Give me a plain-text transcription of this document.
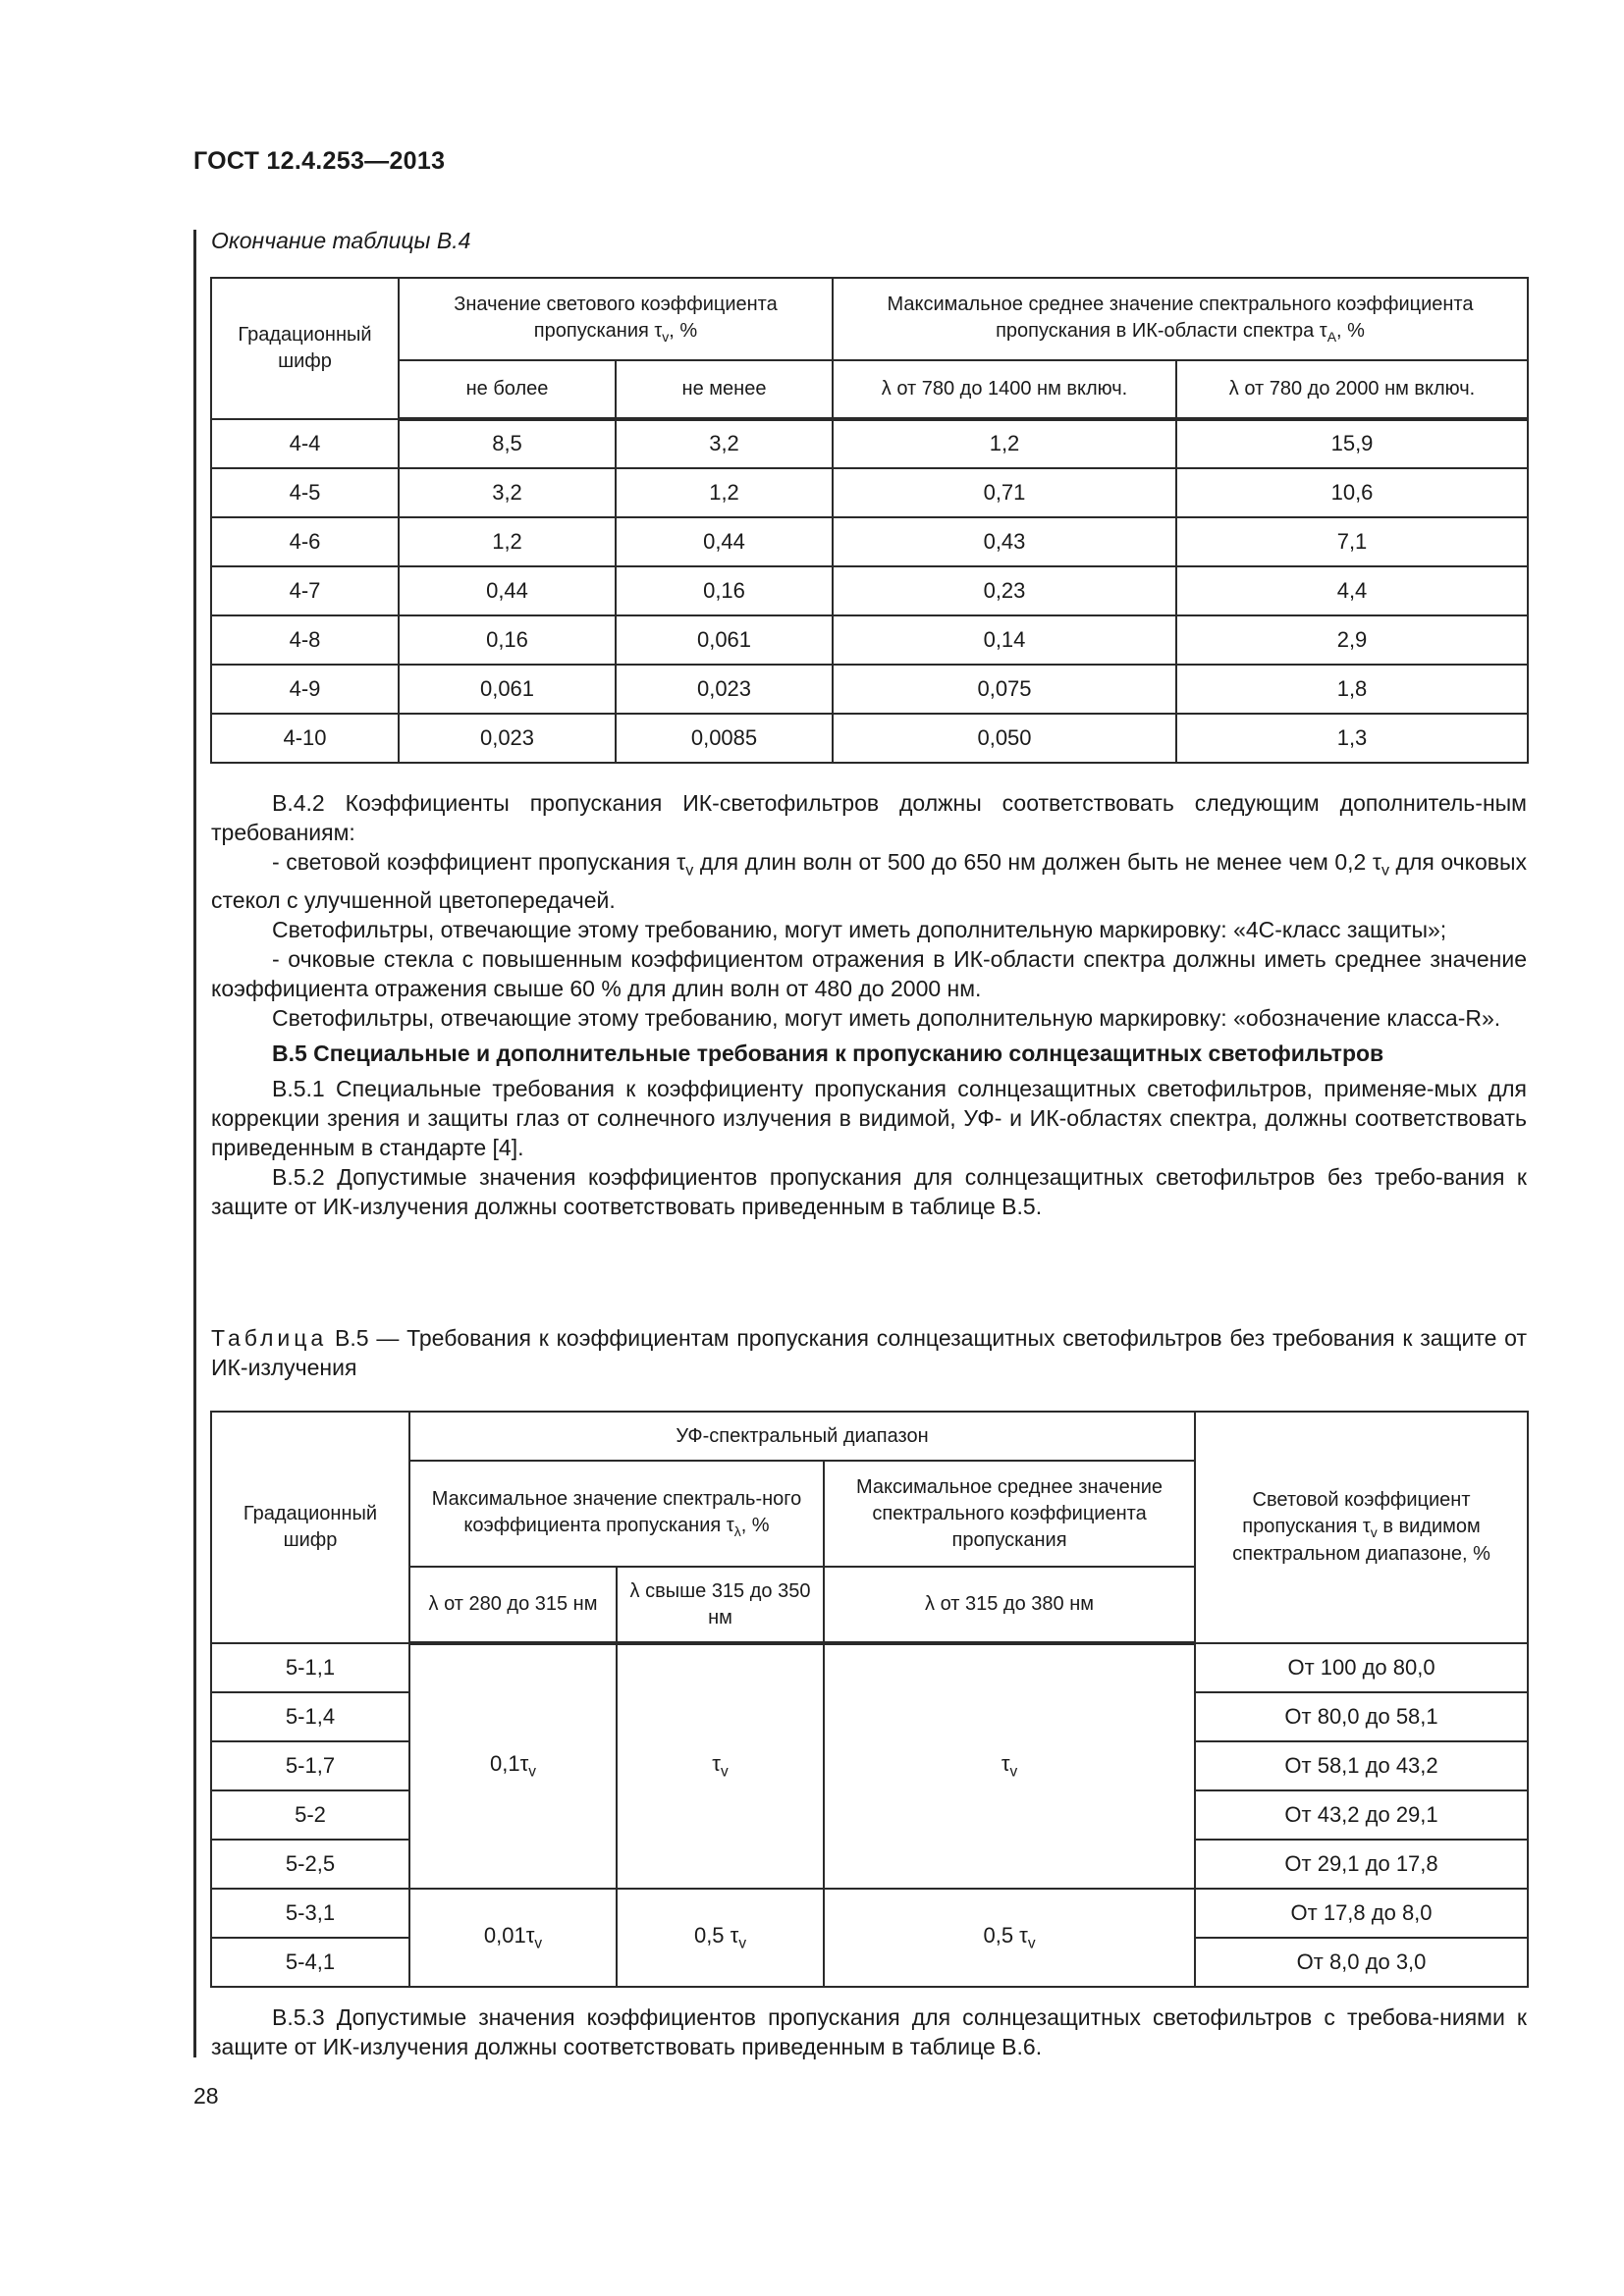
ГОСТ 12.4.253—2013
Окончание таблицы В.4
Градационный шифр	Значение светового коэффициента пропускания $\tau_v$, %		Максимальное среднее значение спектрального коэффициента пропускания в ИК-области спектра $\tau_A$, %	
	не более	не менее	λ от 780 до 1400 нм включ.	λ от 780 до 2000 нм включ.
4-4	8,5	3,2	1,2	15,9
4-5	3,2	1,2	0,71	10,6
4-6	1,2	0,44	0,43	7,1
4-7	0,44	0,16	0,23	4,4
4-8	0,16	0,061	0,14	2,9
4-9	0,061	0,023	0,075	1,8
4-10	0,023	0,0085	0,050	1,3

В.4.2 Коэффициенты пропускания ИК-светофильтров должны соответствовать следующим дополнитель-ным требованиям:

- световой коэффициент пропускания $\tau_v$ для длин волн от 500 до 650 нм должен быть не менее чем 0,2 $\tau_v$ для очковых стекол с улучшенной цветопередачей.

Светофильтры, отвечающие этому требованию, могут иметь дополнительную маркировку: «4С-класс защиты»;

- очковые стекла с повышенным коэффициентом отражения в ИК-области спектра должны иметь среднее значение коэффициента отражения свыше 60 % для длин волн от 480 до 2000 нм.

Светофильтры, отвечающие этому требованию, могут иметь дополнительную маркировку: «обозначение класса-R».

В.5 Специальные и дополнительные требования к пропусканию солнцезащитных светофильтров

В.5.1 Специальные требования к коэффициенту пропускания солнцезащитных светофильтров, применяе-мых для коррекции зрения и защиты глаз от солнечного излучения в видимой, УФ- и ИК-областях спектра, должны соответствовать приведенным в стандарте [4].

В.5.2 Допустимые значения коэффициентов пропускания для солнцезащитных светофильтров без требо-вания к защите от ИК-излучения должны соответствовать приведенным в таблице В.5.

Таблица В.5 — Требования к коэффициентам пропускания солнцезащитных светофильтров без требования к защите от ИК-излучения

Градационный шифр	УФ-спектральный диапазон			Световой коэффициент пропускания $\tau_v$ в видимом спектральном диапазоне, %
	Максимальное значение спектраль-ного коэффициента пропускания $\tau_\lambda$, %		Максимальное среднее значение спектрального коэффициента пропускания	
	λ от 280 до 315 нм	λ свыше 315 до 350 нм	λ от 315 до 380 нм	
5-1,1	$0,1\tau_v$	$\tau_v$	$\tau_v$	От 100 до 80,0
5-1,4				От 80,0 до 58,1
5-1,7				От 58,1 до 43,2
5-2				От 43,2 до 29,1
5-2,5				От 29,1 до 17,8
5-3,1	$0,01\tau_v$	0,5 $\tau_v$	0,5 $\tau_v$	От 17,8 до 8,0
5-4,1				От 8,0 до 3,0

В.5.3 Допустимые значения коэффициентов пропускания для солнцезащитных светофильтров с требова-ниями к защите от ИК-излучения должны соответствовать приведенным в таблице В.6.

28
